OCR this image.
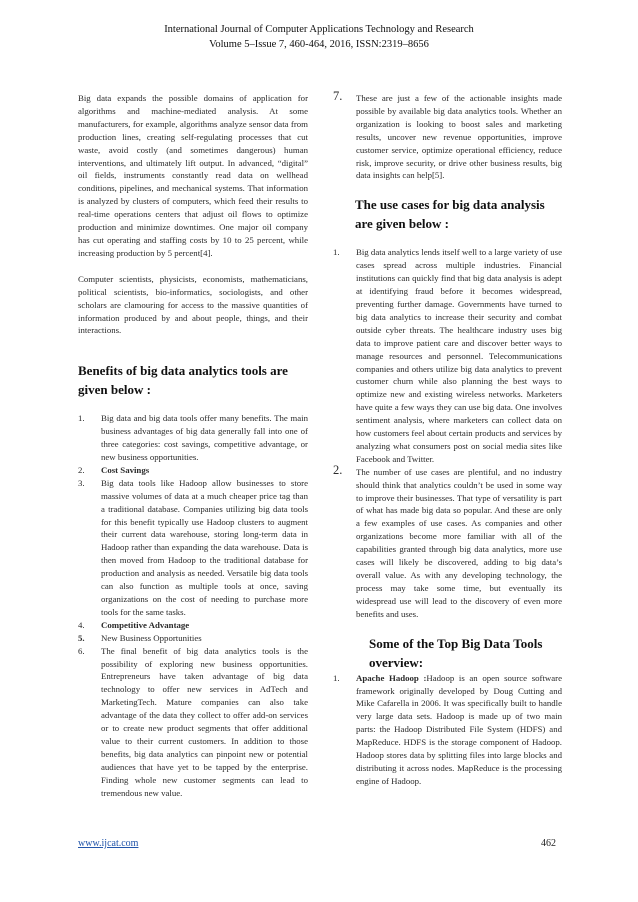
International Journal of Computer Applications Technology and Research
Volume 5–Issue 7, 460-464, 2016, ISSN:2319–8656

Big data expands the possible domains of application for algorithms and machine-mediated analysis. At some manufacturers, for example, algorithms analyze sensor data from production lines, creating self-regulating processes that cut waste, avoid costly (and sometimes dangerous) human interventions, and ultimately lift output. In advanced, “digital” oil fields, instruments constantly read data on wellhead conditions, pipelines, and mechanical systems. That information is analyzed by clusters of computers, which feed their results to real-time operations centers that adjust oil flows to optimize production and minimize downtimes. One major oil company has cut operating and staffing costs by 10 to 25 percent, while increasing production by 5 percent[4].

Computer scientists, physicists, economists, mathematicians, political scientists, bio-informatics, sociologists, and other scholars are clamouring for access to the massive quantities of information produced by and about people, things, and their interactions.

Benefits of big data analytics tools are given below :
1. Big data and big data tools offer many benefits. The main business advantages of big data generally fall into one of three categories: cost savings, competitive advantage, or new business opportunities.
2. Cost Savings
3. Big data tools like Hadoop allow businesses to store massive volumes of data at a much cheaper price tag than a traditional database. Companies utilizing big data tools for this benefit typically use Hadoop clusters to augment their current data warehouse, storing long-term data in Hadoop rather than expanding the data warehouse. Data is then moved from Hadoop to the traditional database for production and analysis as needed. Versatile big data tools can also function as multiple tools at once, saving organizations on the cost of needing to purchase more tools for the same tasks.
4. Competitive Advantage
5. New Business Opportunities
6. The final benefit of big data analytics tools is the possibility of exploring new business opportunities. Entrepreneurs have taken advantage of big data technology to offer new services in AdTech and MarketingTech. Mature companies can also take advantage of the data they collect to offer add-on services or to create new product segments that offer additional value to their current customers. In addition to those benefits, big data analytics can pinpoint new or potential audiences that have yet to be tapped by the enterprise. Finding whole new customer segments can lead to tremendous new value.
7. These are just a few of the actionable insights made possible by available big data analytics tools. Whether an organization is looking to boost sales and marketing results, uncover new revenue opportunities, improve customer service, optimize operational efficiency, reduce risk, improve security, or drive other business results, big data insights can help[5].
The use cases for big data analysis are given below :
1. Big data analytics lends itself well to a large variety of use cases spread across multiple industries. Financial institutions can quickly find that big data analysis is adept at identifying fraud before it becomes widespread, preventing further damage. Governments have turned to big data analytics to increase their security and combat outside cyber threats. The healthcare industry uses big data to improve patient care and discover better ways to manage resources and personnel. Telecommunications companies and others utilize big data analytics to prevent customer churn while also planning the best ways to optimize new and existing wireless networks. Marketers have quite a few ways they can use big data. One involves sentiment analysis, where marketers can collect data on how customers feel about certain products and services by analyzing what consumers post on social media sites like Facebook and Twitter.
2. The number of use cases are plentiful, and no industry should think that analytics couldn’t be used in some way to improve their businesses. That type of versatility is part of what has made big data so popular. And these are only a few examples of use cases. As companies and other organizations become more familiar with all of the capabilities granted through big data analytics, more use cases will likely be discovered, adding to big data’s overall value. As with any developing technology, the process may take some time, but eventually its widespread use will lead to the discovery of even more benefits and uses.
Some of the Top Big Data Tools overview:
1. Apache Hadoop :Hadoop is an open source software framework originally developed by Doug Cutting and Mike Cafarella in 2006. It was specifically built to handle very large data sets. Hadoop is made up of two main parts: the Hadoop Distributed File System (HDFS) and MapReduce. HDFS is the storage component of Hadoop. Hadoop stores data by splitting files into large blocks and distributing it across nodes. MapReduce is the processing engine of Hadoop.
www.ijcat.com	462
